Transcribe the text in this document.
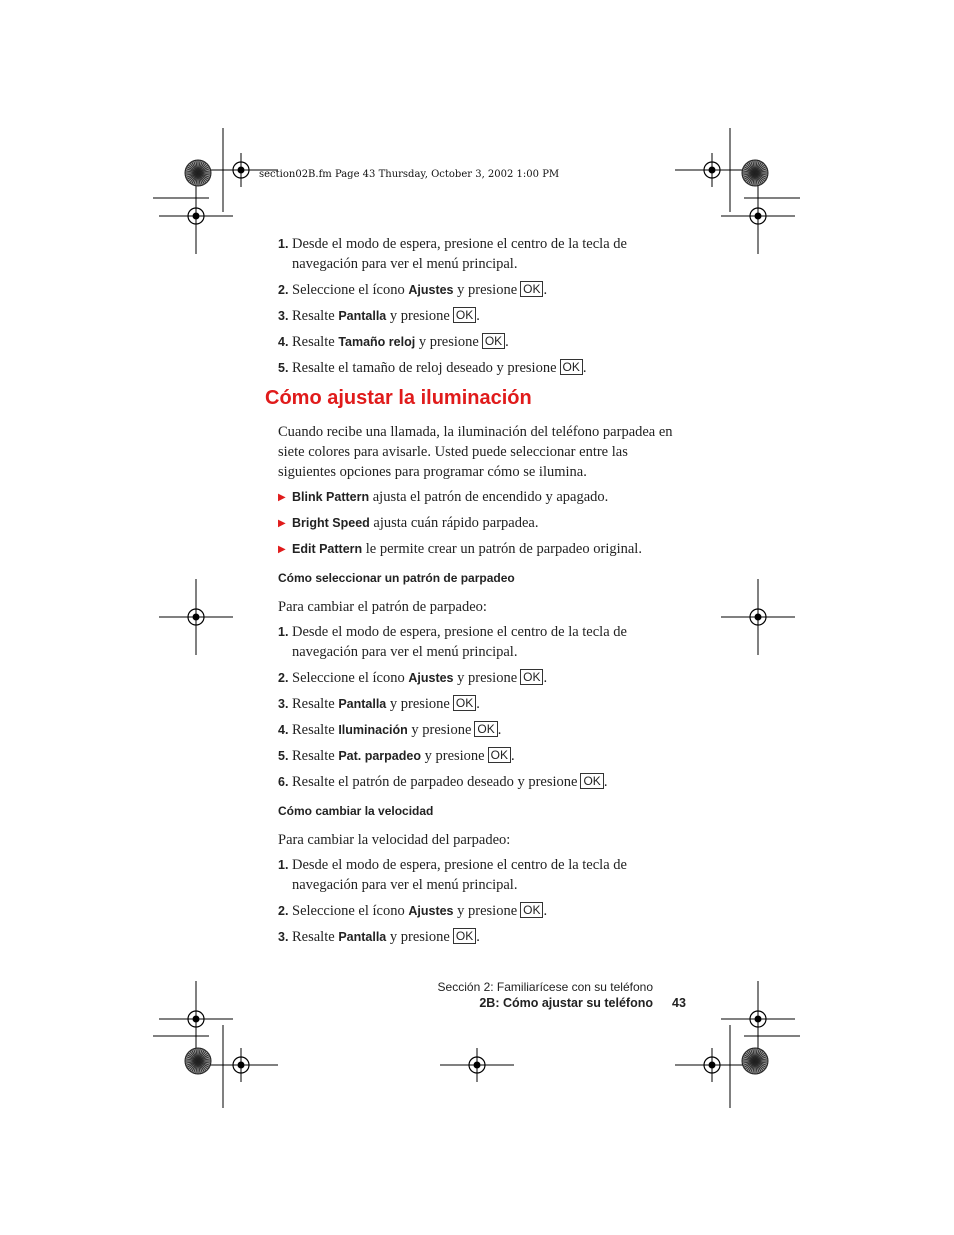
section02B.fm Page 43 Thursday, October 3, 2002 1:00 PM
1. Desde el modo de espera, presione el centro de la tecla de navegación para ver el menú principal.
2. Seleccione el ícono Ajustes y presione OK .
3. Resalte Pantalla y presione OK .
4. Resalte Tamaño reloj y presione OK .
5. Resalte el tamaño de reloj deseado y presione OK .
Cómo ajustar la iluminación
Cuando recibe una llamada, la iluminación del teléfono parpadea en siete colores para avisarle. Usted puede seleccionar entre las siguientes opciones para programar cómo se ilumina.
▶ Blink Pattern ajusta el patrón de encendido y apagado.
▶ Bright Speed ajusta cuán rápido parpadea.
▶ Edit Pattern le permite crear un patrón de parpadeo original.
Cómo seleccionar un patrón de parpadeo
Para cambiar el patrón de parpadeo:
1. Desde el modo de espera, presione el centro de la tecla de navegación para ver el menú principal.
2. Seleccione el ícono Ajustes y presione OK .
3. Resalte Pantalla y presione OK .
4. Resalte Iluminación y presione OK .
5. Resalte Pat. parpadeo y presione OK .
6. Resalte el patrón de parpadeo deseado y presione OK .
Cómo cambiar la velocidad
Para cambiar la velocidad del parpadeo:
1. Desde el modo de espera, presione el centro de la tecla de navegación para ver el menú principal.
2. Seleccione el ícono Ajustes y presione OK .
3. Resalte Pantalla y presione OK .
Sección 2: Familiarícese con su teléfono
2B: Cómo ajustar su teléfono 43
